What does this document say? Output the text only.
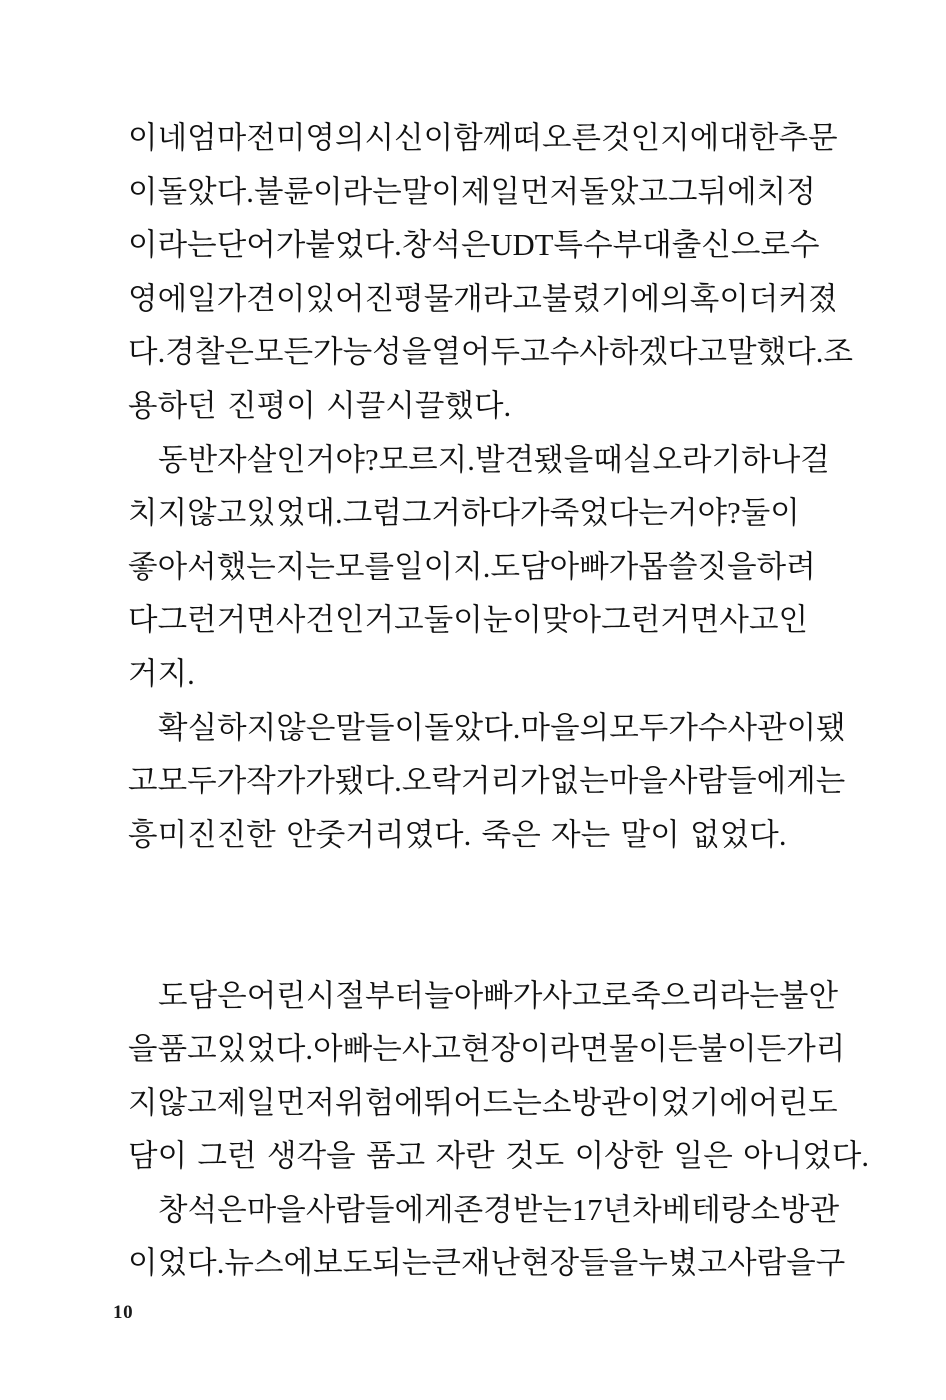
이네 엄마 전미영의 시신이 함께 떠오른 것인지에 대한 추문
이 돌았다. 불륜이라는 말이 제일 먼저 돌았고 그 뒤에 치정
이라는 단어가 붙었다. 창석은 UDT 특수부대 출신으로 수
영에 일가견이 있어 진평 물개라고 불렸기에 의혹이 더 커졌
다. 경찰은 모든 가능성을 열어 두고 수사하겠다고 말했다. 조
용하던 진평이 시끌시끌했다.
동반 자살인 거야? 모르지. 발견됐을 때 실오라기 하나 걸
치지 않고 있었대. 그럼 그거 하다가 죽었다는 거야? 둘이
좋아서 했는지는 모를 일이지. 도담 아빠가 몹쓸 짓을 하려
다 그런 거면 사건인 거고 둘이 눈이 맞아 그런 거면 사고인
거지.
확실하지 않은 말들이 돌았다. 마을의 모두가 수사관이 됐
고 모두가 작가가 됐다. 오락거리가 없는 마을 사람들에게는
흥미진진한 안줏거리였다. 죽은 자는 말이 없었다.
도담은 어린 시절부터 늘 아빠가 사고로 죽으리라는 불안
을 품고 있었다. 아빠는 사고 현장이라면 물이든 불이든 가리
지 않고 제일 먼저 위험에 뛰어드는 소방관이었기에 어린 도
담이 그런 생각을 품고 자란 것도 이상한 일은 아니었다.
창석은 마을 사람들에게 존경받는 17년 차 베테랑 소방관
이었다. 뉴스에 보도되는 큰 재난 현장들을 누볐고 사람을 구
10
